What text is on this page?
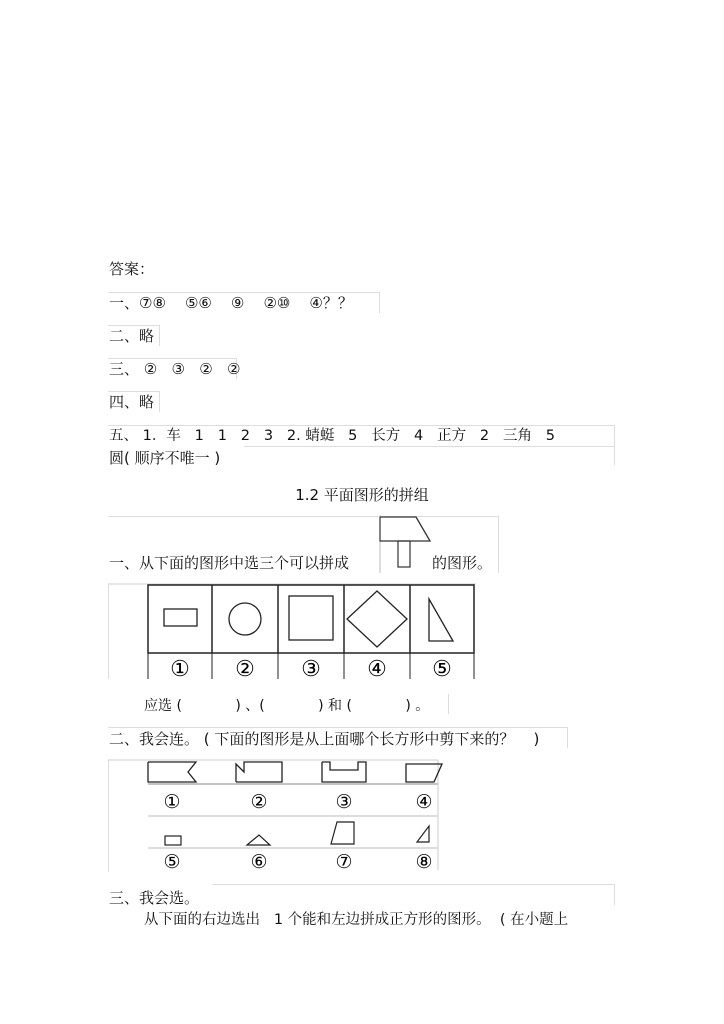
答案：
一、⑦⑧    ⑤⑥    ⑨    ②⑩    ④？？
二、略
三、 ②   ③   ②   ②
四、略
五、 1．车   1   1   2   3   2. 蜻蜓   5   长方   4   正方   2   三角   5
圆( 顺序不唯一 )
1.2 平面图形的拼组
一、从下面的图形中选三个可以拼成	的图形。
① ② ③ ④ ⑤
应选 (            ) 、(            ) 和 (            ) 。
二、我会连。 ( 下面的图形是从上面哪个长方形中剪下来的？    )
①	②	③	④
⑤	⑥	⑦	⑧
三、我会选。
从下面的右边选出   1 个能和左边拼成正方形的图形。  ( 在小题上
